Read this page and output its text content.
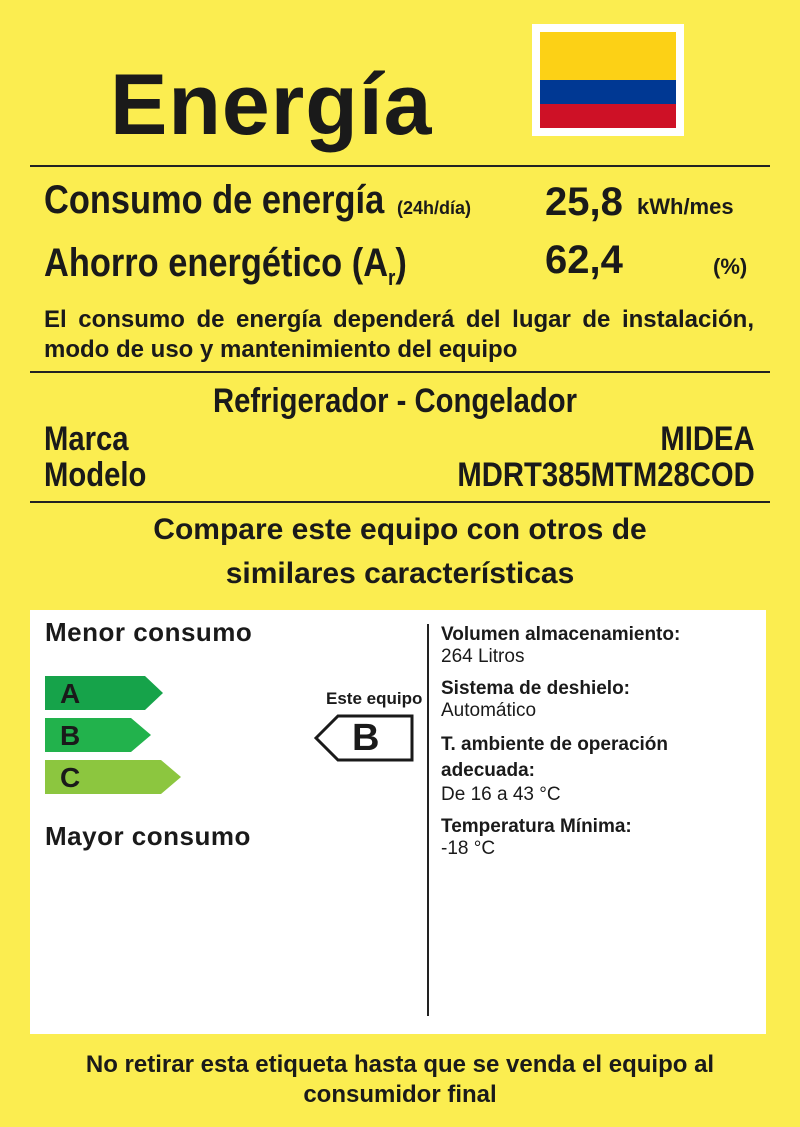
Energía
Consumo de energía (24h/día) 25,8 kWh/mes
Ahorro energético $(A_r)$	62,4	(%)
El consumo de energía dependerá del lugar de instalación, modo de uso y mantenimiento del equipo
Refrigerador - Congelador
Marca	MIDEA
Modelo	MDRT385MTM28COD
Compare este equipo con otros de
similares características
Menor consumo
A
B
C
Mayor consumo
Este equipo
B
Volumen almacenamiento:
264 Litros
Sistema de deshielo:
Automático
T. ambiente de operación adecuada:
De 16 a 43 °C
Temperatura Mínima:
-18 °C
No retirar esta etiqueta hasta que se venda el equipo al consumidor final
